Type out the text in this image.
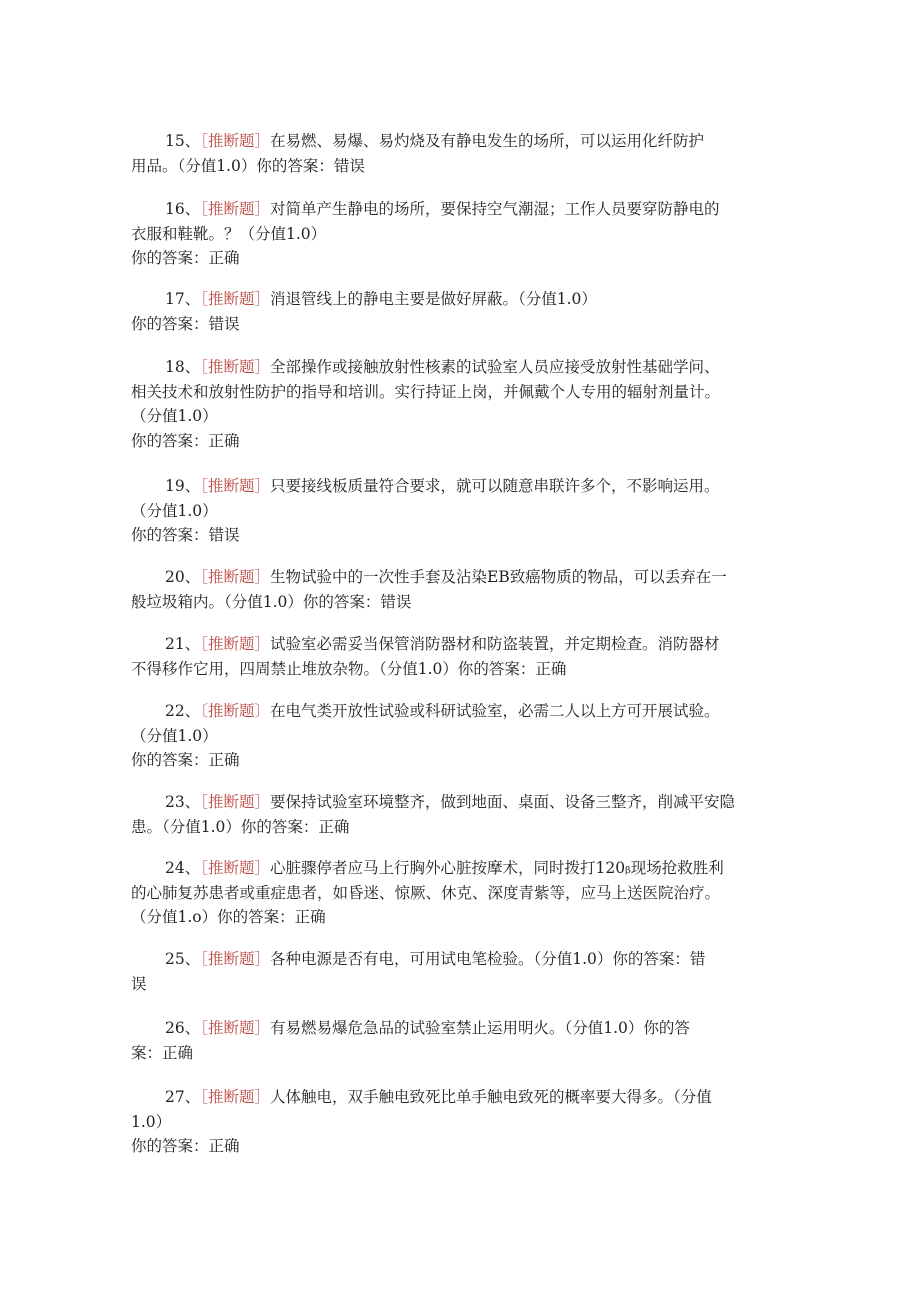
15、［推断题］在易燃、易爆、易灼烧及有静电发生的场所，可以运用化纤防护
用品。（分值1.0）你的答案：错误
16、［推断题］对简单产生静电的场所，要保持空气潮湿；工作人员要穿防静电的
衣服和鞋靴。？（分值1.0）
你的答案：正确
17、［推断题］消退管线上的静电主要是做好屏蔽。（分值1.0）
你的答案：错误
18、［推断题］全部操作或接触放射性核素的试验室人员应接受放射性基础学问、
相关技术和放射性防护的指导和培训。实行持证上岗，并佩戴个人专用的辐射剂量计。
（分值1.0）
你的答案：正确
19、［推断题］只要接线板质量符合要求，就可以随意串联许多个，不影响运用。
（分值1.0）
你的答案：错误
20、［推断题］生物试验中的一次性手套及沾染EB致癌物质的物品，可以丢弃在一
般垃圾箱内。（分值1.0）你的答案：错误
21、［推断题］试验室必需妥当保管消防器材和防盗装置，并定期检查。消防器材
不得移作它用，四周禁止堆放杂物。（分值1.0）你的答案：正确
22、〔推断题〕在电气类开放性试验或科研试验室，必需二人以上方可开展试验。
（分值1.0）
你的答案：正确
23、［推断题］要保持试验室环境整齐，做到地面、桌面、设备三整齐，削减平安隐
患。（分值1.0）你的答案：正确
24、［推断题］心脏骤停者应马上行胸外心脏按摩术，同时拨打120ᵦ现场抢救胜利
的心肺复苏患者或重症患者，如昏迷、惊厥、休克、深度青紫等，应马上送医院治疗。
（分值1.o）你的答案：正确
25、［推断题］各种电源是否有电，可用试电笔检验。（分值1.0）你的答案：错
误
26、［推断题］有易燃易爆危急品的试验室禁止运用明火。（分值1.0）你的答
案：正确
27、［推断题］人体触电，双手触电致死比单手触电致死的概率要大得多。（分值
1.0）
你的答案：正确
